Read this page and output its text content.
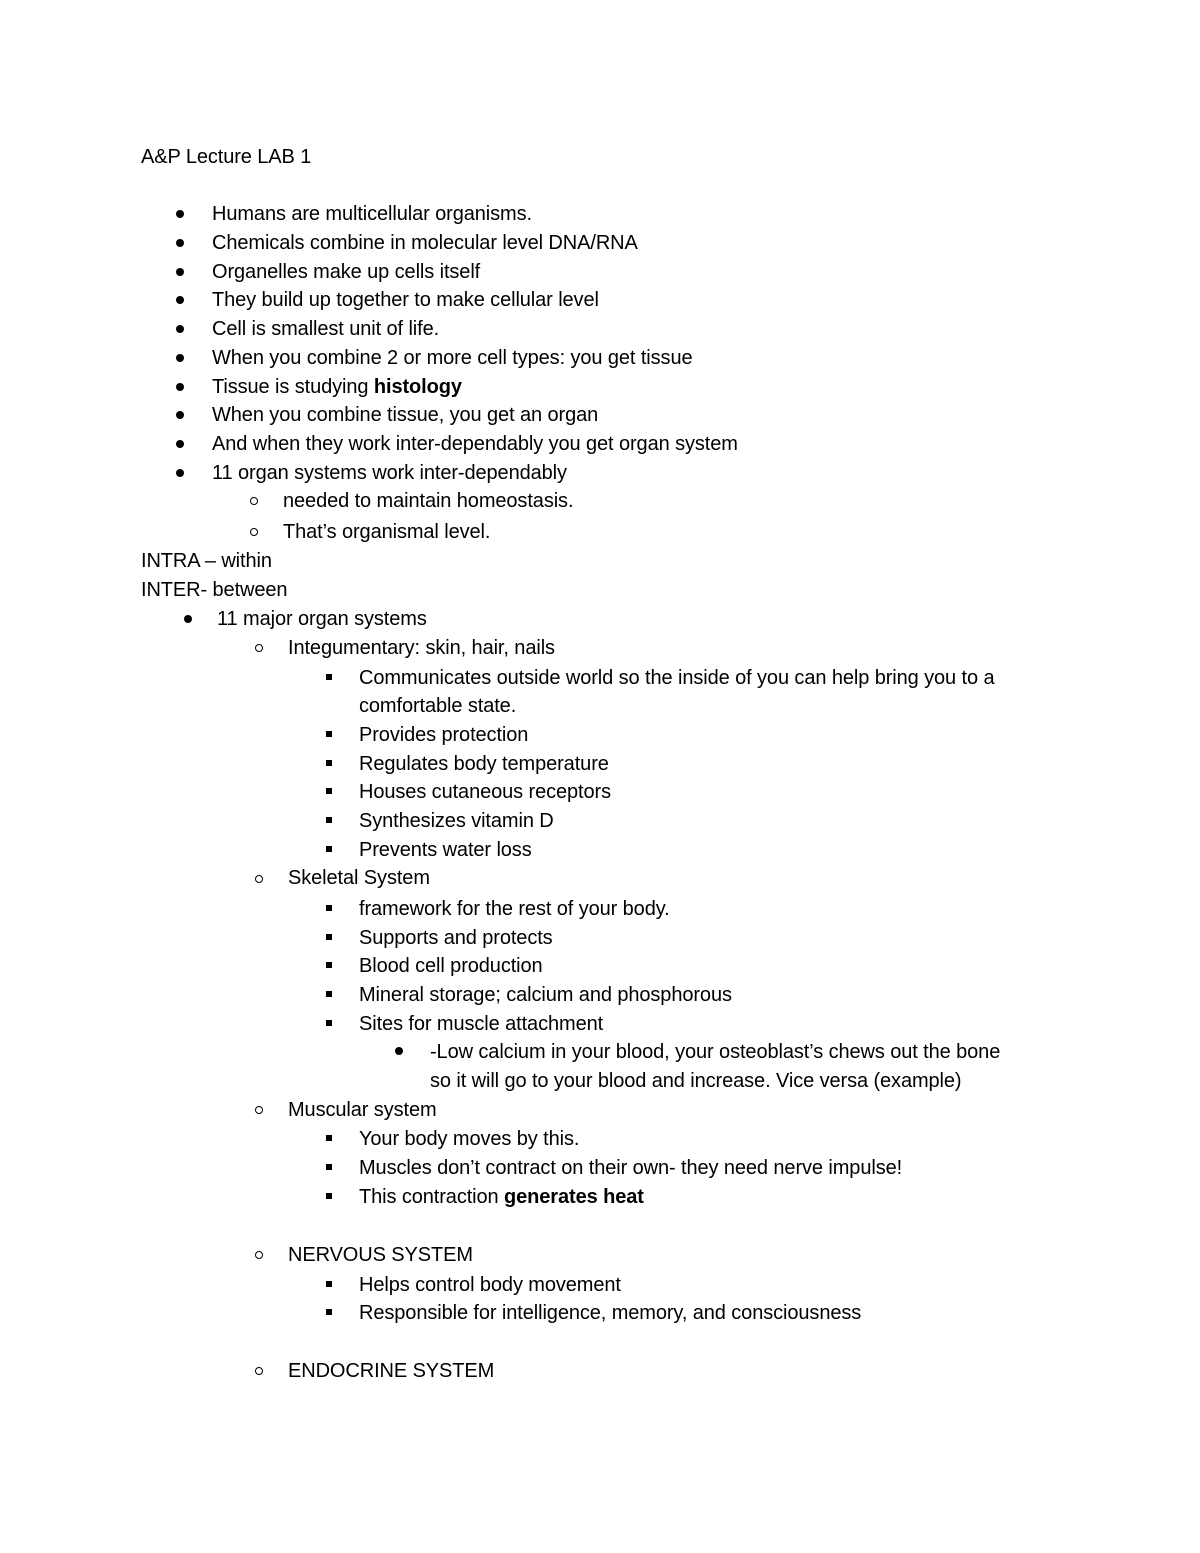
A&P Lecture LAB 1
Humans are multicellular organisms.
Chemicals combine in molecular level DNA/RNA
Organelles make up cells itself
They build up together to make cellular level
Cell is smallest unit of life.
When you combine 2 or more cell types: you get tissue
Tissue is studying histology
When you combine tissue, you get an organ
And when they work inter-dependably you get organ system
11 organ systems work inter-dependably
needed to maintain homeostasis.
That’s organismal level.
INTRA – within
INTER- between
11 major organ systems
Integumentary: skin, hair, nails
Communicates outside world so the inside of you can help bring you to a
comfortable state.
Provides protection
Regulates body temperature
Houses cutaneous receptors
Synthesizes vitamin D
Prevents water loss
Skeletal System
framework for the rest of your body.
Supports and protects
Blood cell production
Mineral storage; calcium and phosphorous
Sites for muscle attachment
-Low calcium in your blood, your osteoblast’s chews out the bone
so it will go to your blood and increase. Vice versa (example)
Muscular system
Your body moves by this.
Muscles don’t contract on their own- they need nerve impulse!
This contraction generates heat
NERVOUS SYSTEM
Helps control body movement
Responsible for intelligence, memory, and consciousness
ENDOCRINE SYSTEM
